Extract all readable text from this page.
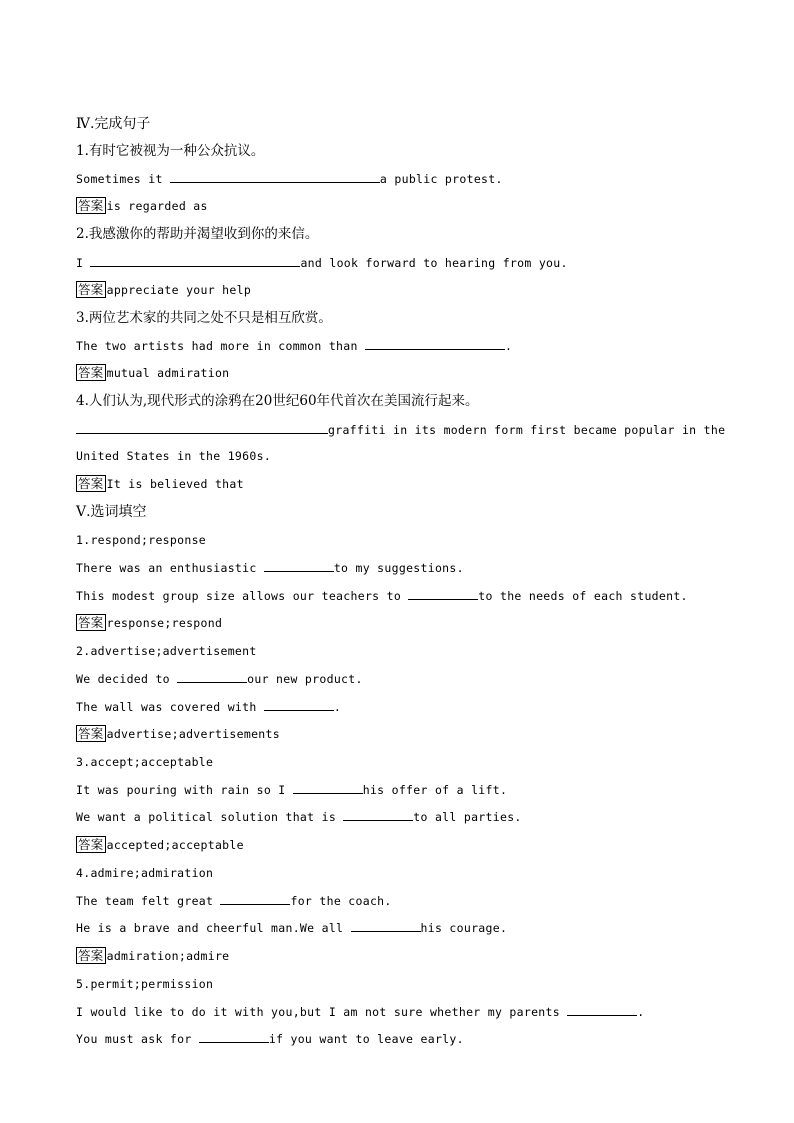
Ⅳ.完成句子
1.有时它被视为一种公众抗议。
Sometimes it	a public protest.
答案 is regarded as
2.我感激你的帮助并渴望收到你的来信。
I	and look forward to hearing from you.
答案 appreciate your help
3.两位艺术家的共同之处不只是相互欣赏。
The two artists had more in common than	.
答案 mutual admiration
4.人们认为,现代形式的涂鸦在20世纪60年代首次在美国流行起来。
graffiti in its modern form first became popular in the
United States in the 1960s.
答案 It is believed that
Ⅴ.选词填空
1.respond;response
There was an enthusiastic	to my suggestions.
This modest group size allows our teachers to	to the needs of each student.
答案 response;respond
2.advertise;advertisement
We decided to	our new product.
The wall was covered with	.
答案 advertise;advertisements
3.accept;acceptable
It was pouring with rain so I	his offer of a lift.
We want a political solution that is	to all parties.
答案 accepted;acceptable
4.admire;admiration
The team felt great	for the coach.
He is a brave and cheerful man.We all	his courage.
答案 admiration;admire
5.permit;permission
I would like to do it with you,but I am not sure whether my parents	.
You must ask for	if you want to leave early.
